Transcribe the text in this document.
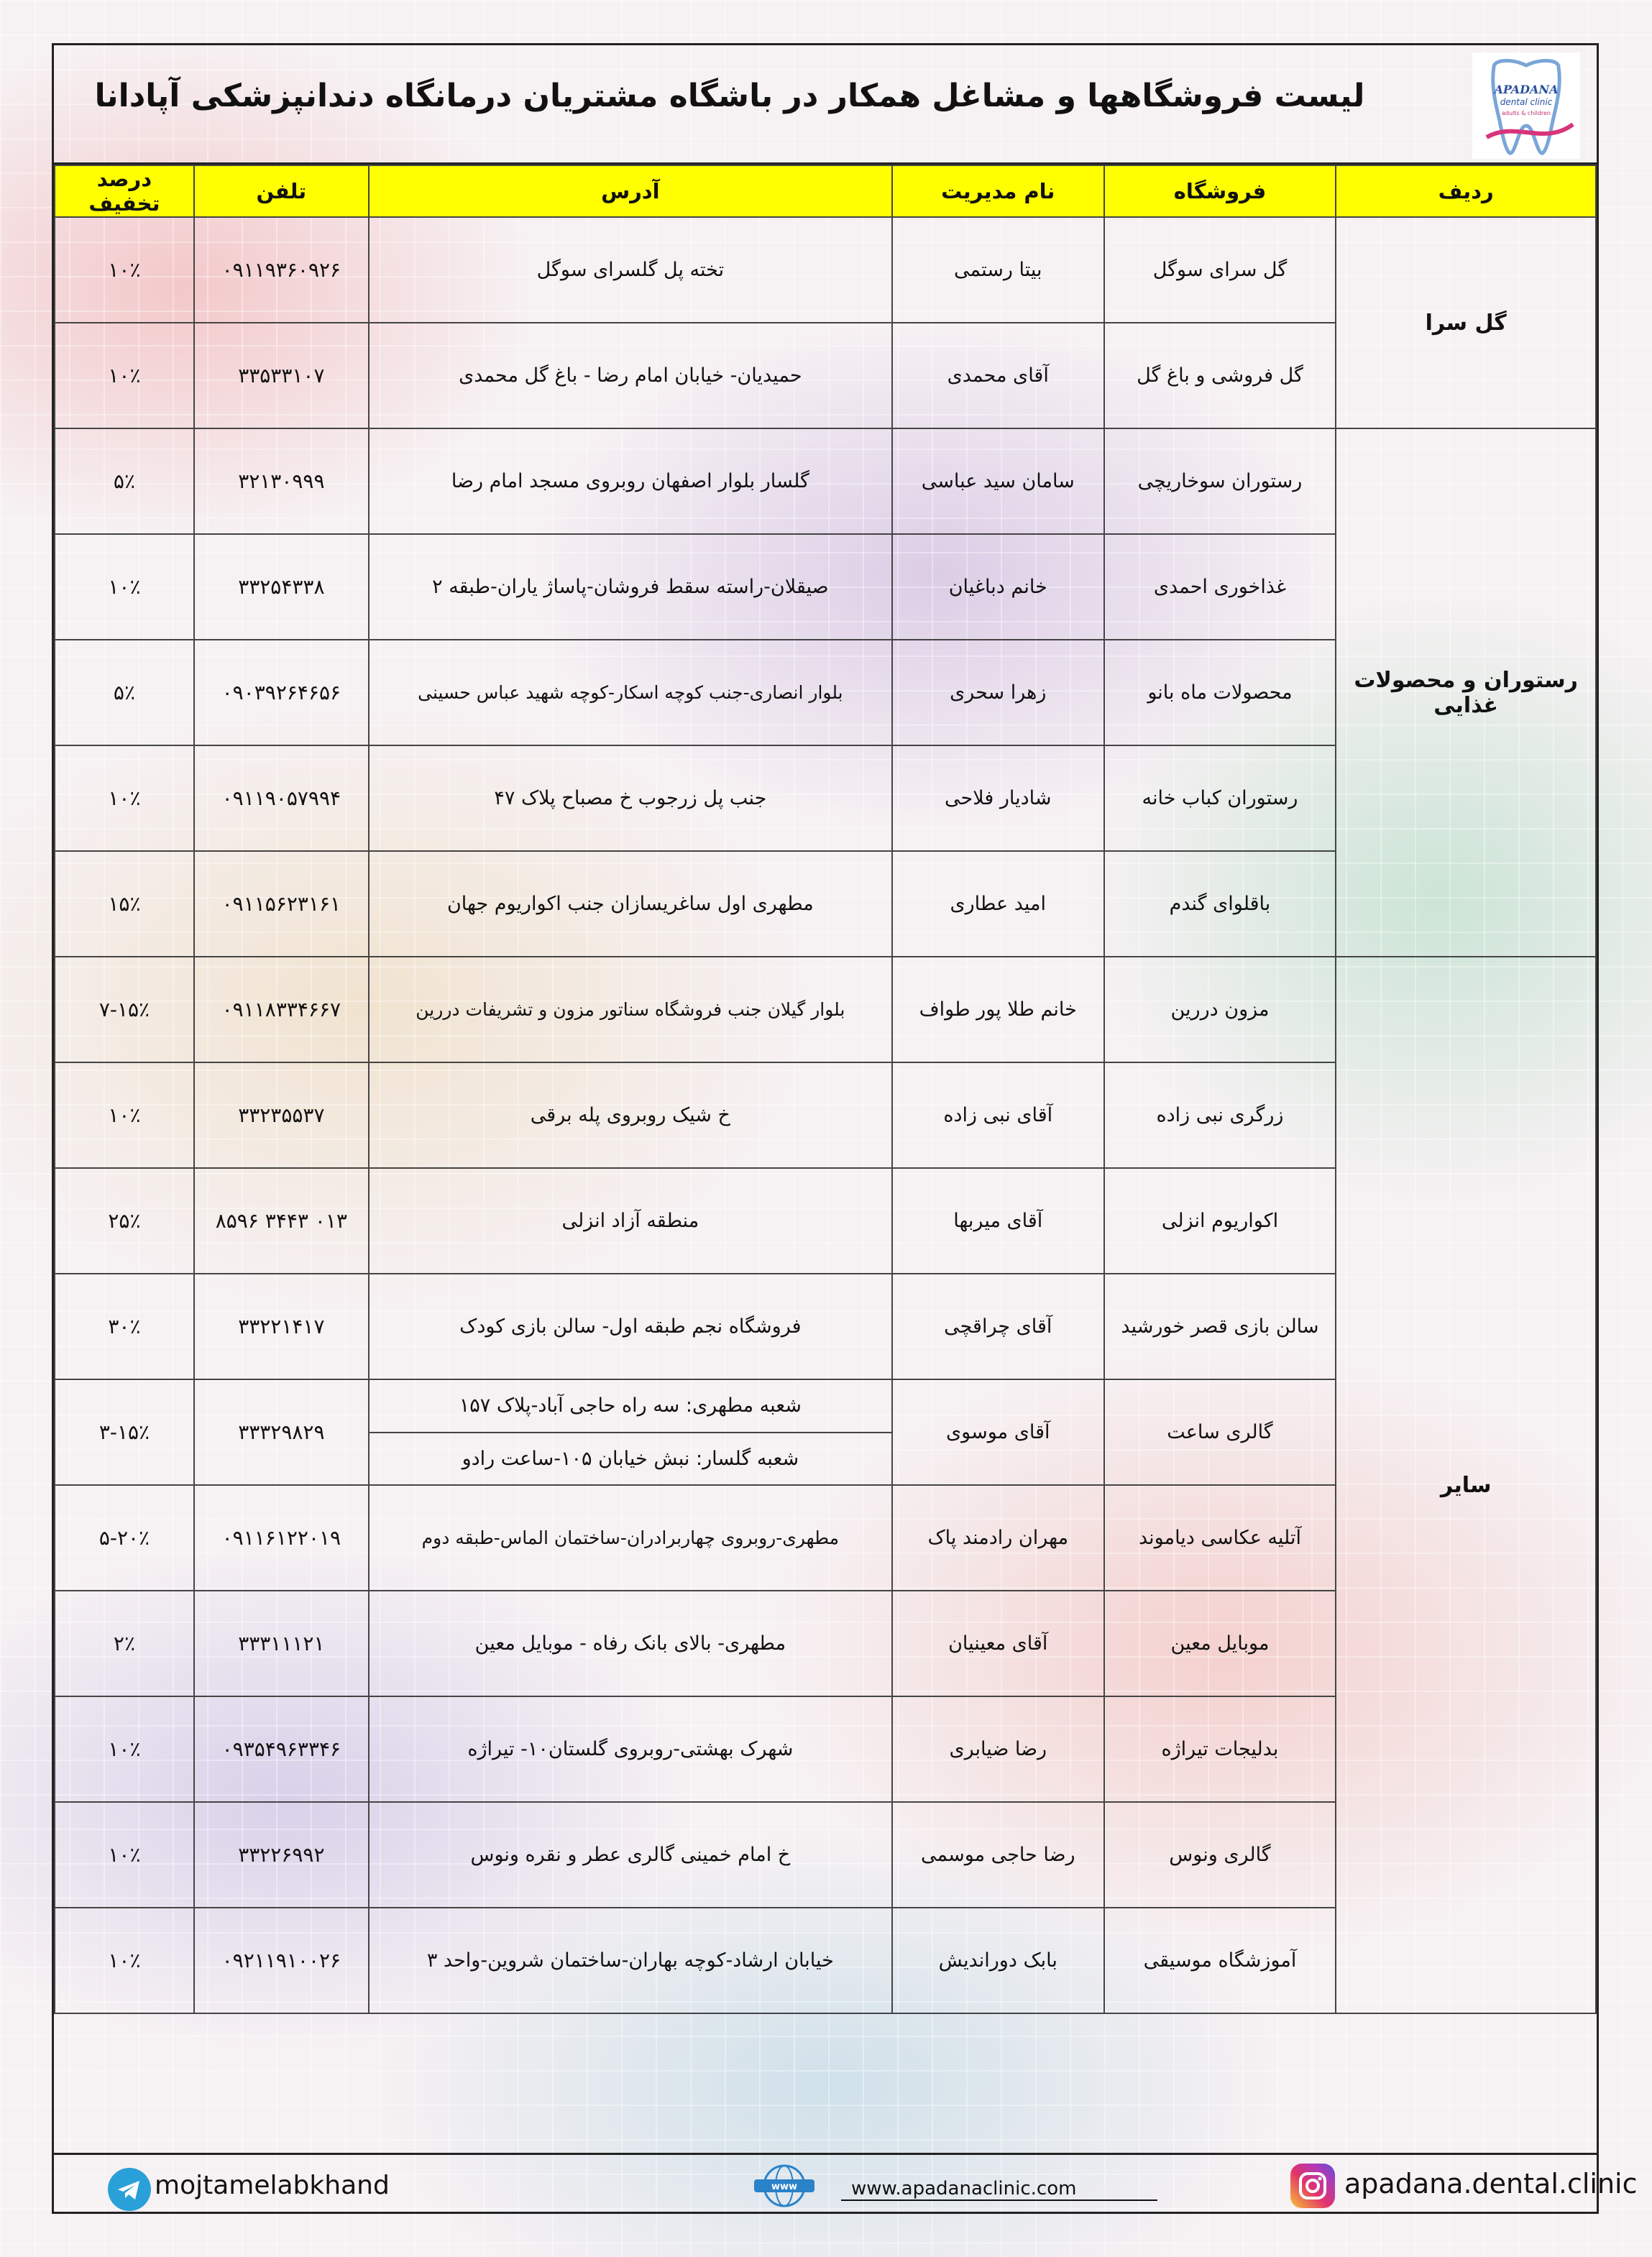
لیست فروشگاهها و مشاغل همکار در باشگاه مشتریان درمانگاه دندانپزشکی آپادانا	APADANA
dental clinic
adults & children
ردیف	فروشگاه	نام مدیریت	آدرس	تلفن	درصد تخفیف
گل سرا	گل سرای سوگل	بیتا رستمی	تخته پل گلسرای سوگل	۰۹۱۱۹۳۶۰۹۲۶	۱۰٪
	گل فروشی و باغ گل	آقای محمدی	حمیدیان- خیابان امام رضا - باغ گل محمدی	۳۳۵۳۳۱۰۷	۱۰٪
رستوران و محصولات غذایی	رستوران سوخاریچی	سامان سید عباسی	گلسار بلوار اصفهان روبروی مسجد امام رضا	۳۲۱۳۰۹۹۹	۵٪
	غذاخوری احمدی	خانم دباغیان	صیقلان-راسته سقط فروشان-پاساژ یاران-طبقه ۲	۳۳۲۵۴۳۳۸	۱۰٪
	محصولات ماه بانو	زهرا سحری	بلوار انصاری-جنب کوچه اسکار-کوچه شهید عباس حسینی	۰۹۰۳۹۲۶۴۶۵۶	۵٪
	رستوران کباب خانه	شادیار فلاحی	جنب پل زرجوب خ مصباح پلاک ۴۷	۰۹۱۱۹۰۵۷۹۹۴	۱۰٪
	باقلوای گندم	امید عطاری	مطهری اول ساغریسازان جنب اکواریوم جهان	۰۹۱۱۵۶۲۳۱۶۱	۱۵٪
سایر	مزون دررین	خانم طلا پور طواف	بلوار گیلان جنب فروشگاه سناتور مزون و تشریفات دررین	۰۹۱۱۸۳۳۴۶۶۷	۷-۱۵٪
	زرگری نبی زاده	آقای نبی زاده	خ شیک روبروی پله برقی	۳۳۲۳۵۵۳۷	۱۰٪
	اکواریوم انزلی	آقای میربها	منطقه آزاد انزلی	۰۱۳ ۳۴۴۳ ۸۵۹۶	۲۵٪
	سالن بازی قصر خورشید	آقای چراقچی	فروشگاه نجم طبقه اول- سالن بازی کودک	۳۳۲۲۱۴۱۷	۳۰٪
	گالری ساعت	آقای موسوی	شعبه مطهری: سه راه حاجی آباد-پلاک ۱۵۷	۳۳۳۲۹۸۲۹	۳-۱۵٪
			شعبه گلسار: نبش خیابان ۱۰۵-ساعت رادو		
	آتلیه عکاسی دیاموند	مهران رادمند پاک	مطهری-روبروی چهاربرادران-ساختمان الماس-طبقه دوم	۰۹۱۱۶۱۲۲۰۱۹	۵-۲۰٪
	موبایل معین	آقای معینیان	مطهری- بالای بانک رفاه - موبایل معین	۳۳۳۱۱۱۲۱	۲٪
	بدلیجات تیراژه	رضا ضیابری	شهرک بهشتی-روبروی گلستان۱۰- تیراژه	۰۹۳۵۴۹۶۳۳۴۶	۱۰٪
	گالری ونوس	رضا حاجی موسمی	خ امام خمینی گالری عطر و نقره ونوس	۳۳۲۲۶۹۹۲	۱۰٪
	آموزشگاه موسیقی	بابک دوراندیش	خیابان ارشاد-کوچه بهاران-ساختمان شروین-واحد ۳	۰۹۲۱۱۹۱۰۰۲۶	۱۰٪
mojtamelabkhand	www	www.apadanaclinic.com	apadana.dental.clinic
